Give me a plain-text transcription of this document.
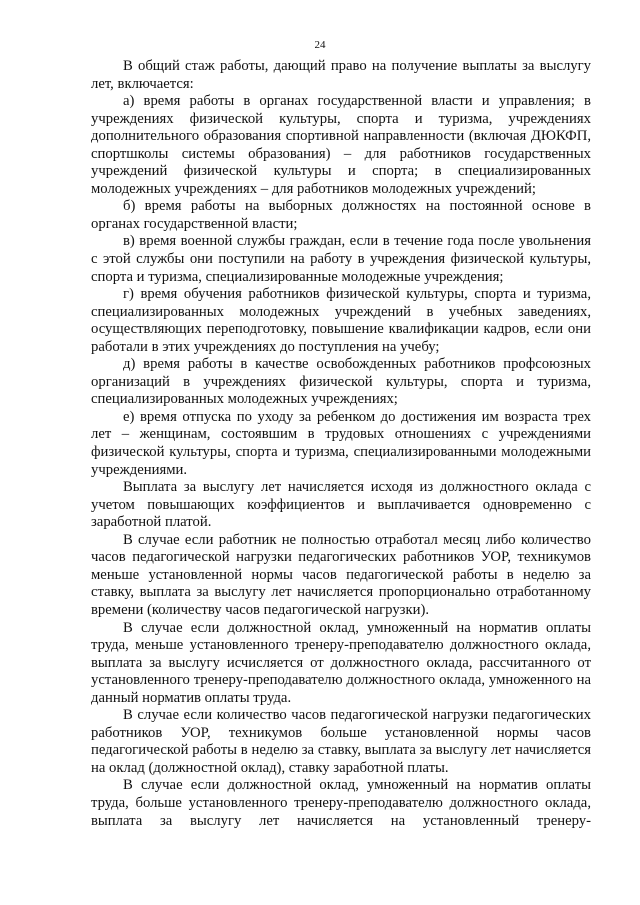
24

В общий стаж работы, дающий право на получение выплаты за выслугу лет, включается:

а) время работы в органах государственной власти и управления; в учреждениях физической культуры, спорта и туризма, учреждениях дополнительного образования спортивной направленности (включая ДЮКФП, спортшколы системы образования) – для работников государственных учреждений физической культуры и спорта; в специализированных молодежных учреждениях – для работников молодежных учреждений;

б) время работы на выборных должностях на постоянной основе в органах государственной власти;

в) время военной службы граждан, если в течение года после увольнения с этой службы они поступили на работу в учреждения физической культуры, спорта и туризма, специализированные молодежные учреждения;

г) время обучения работников физической культуры, спорта и туризма, специализированных молодежных учреждений в учебных заведениях, осуществляющих переподготовку, повышение квалификации кадров, если они работали в этих учреждениях до поступления на учебу;

д) время работы в качестве освобожденных работников профсоюзных организаций в учреждениях физической культуры, спорта и туризма, специализированных молодежных учреждениях;

е) время отпуска по уходу за ребенком до достижения им возраста трех лет – женщинам, состоявшим в трудовых отношениях с учреждениями физической культуры, спорта и туризма, специализированными молодежными учреждениями.

Выплата за выслугу лет начисляется исходя из должностного оклада с учетом повышающих коэффициентов и выплачивается одновременно с заработной платой.

В случае если работник не полностью отработал месяц либо количество часов педагогической нагрузки педагогических работников УОР, техникумов меньше установленной нормы часов педагогической работы в неделю за ставку, выплата за выслугу лет начисляется пропорционально отработанному времени (количеству часов педагогической нагрузки).

В случае если должностной оклад, умноженный на норматив оплаты труда, меньше установленного тренеру-преподавателю должностного оклада, выплата за выслугу исчисляется от должностного оклада, рассчитанного от установленного тренеру-преподавателю должностного оклада, умноженного на данный норматив оплаты труда.

В случае если количество часов педагогической нагрузки педагогических работников УОР, техникумов больше установленной нормы часов педагогической работы в неделю за ставку, выплата за выслугу лет начисляется на оклад (должностной оклад), ставку заработной платы.

В случае если должностной оклад, умноженный на норматив оплаты труда, больше установленного тренеру-преподавателю должностного оклада, выплата за выслугу лет начисляется на установленный тренеру-
